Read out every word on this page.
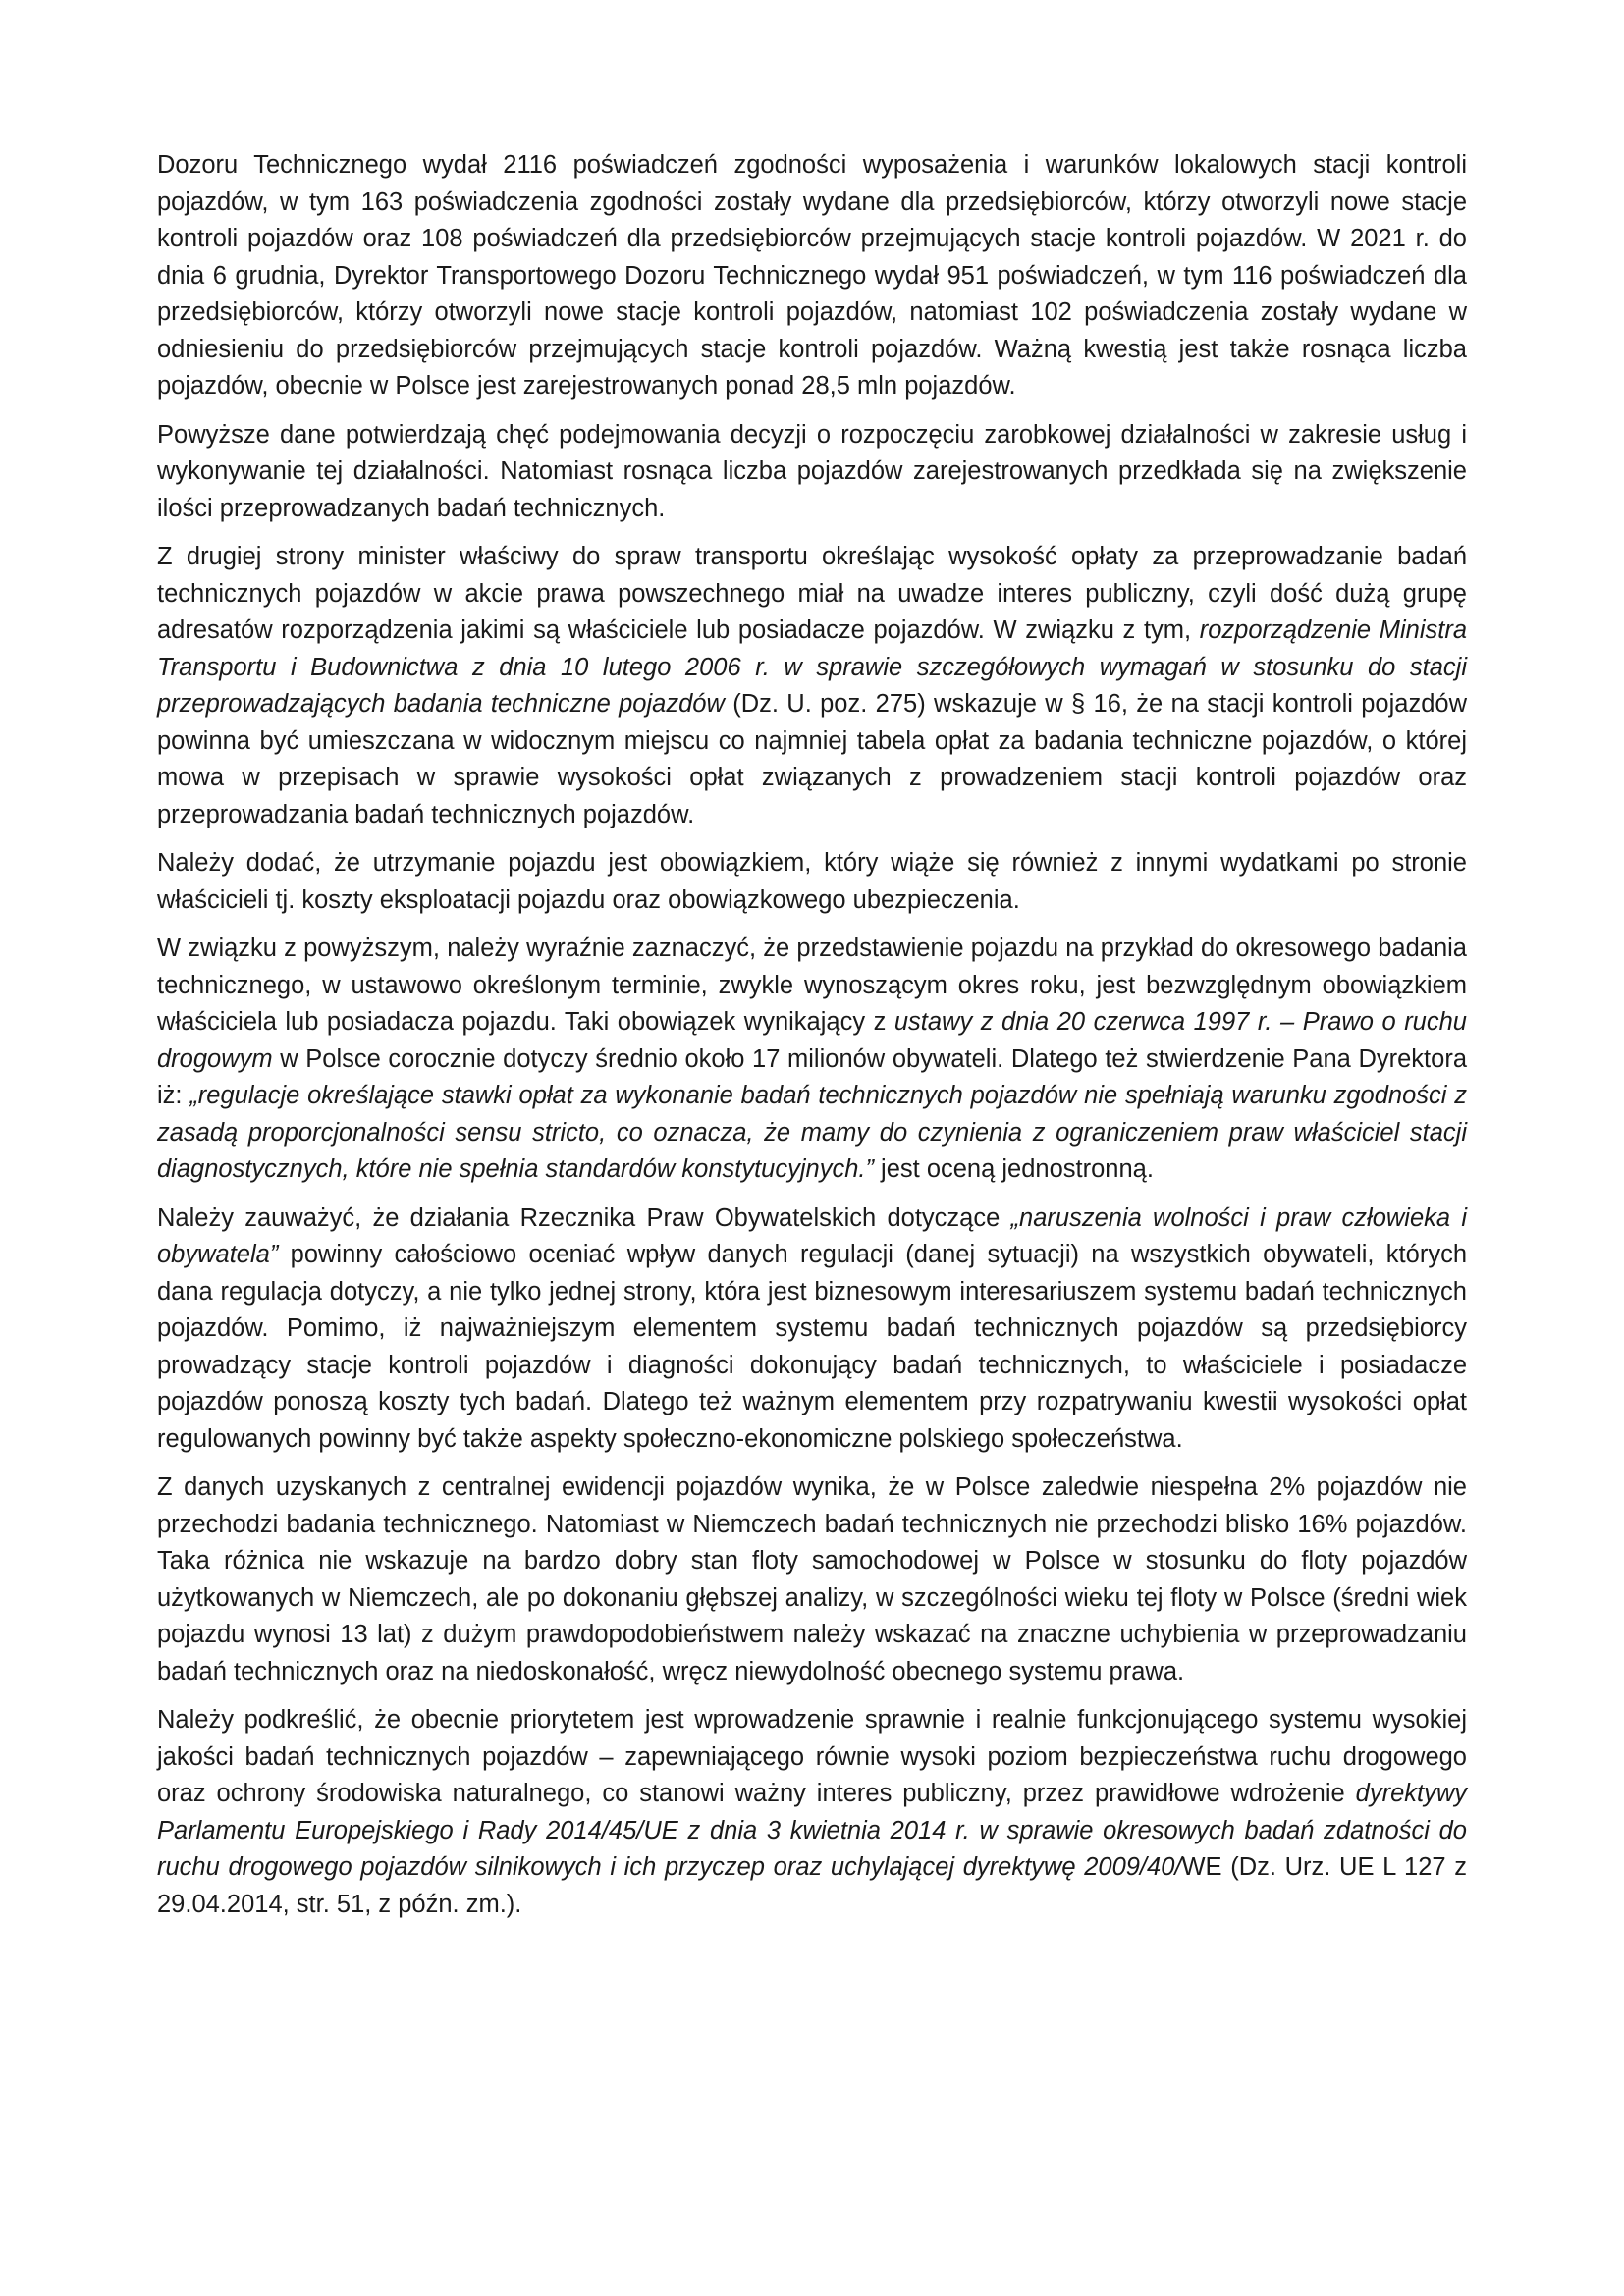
Dozoru Technicznego wydał 2116 poświadczeń zgodności wyposażenia i warunków lokalowych stacji kontroli pojazdów, w tym 163 poświadczenia zgodności zostały wydane dla przedsiębiorców, którzy otworzyli nowe stacje kontroli pojazdów oraz 108 poświadczeń dla przedsiębiorców przejmujących stacje kontroli pojazdów. W 2021 r. do dnia 6 grudnia, Dyrektor Transportowego Dozoru Technicznego wydał 951 poświadczeń, w tym 116 poświadczeń dla przedsiębiorców, którzy otworzyli nowe stacje kontroli pojazdów, natomiast 102 poświadczenia zostały wydane w odniesieniu do przedsiębiorców przejmujących stacje kontroli pojazdów. Ważną kwestią jest także rosnąca liczba pojazdów, obecnie w Polsce jest zarejestrowanych ponad 28,5 mln pojazdów.

Powyższe dane potwierdzają chęć podejmowania decyzji o rozpoczęciu zarobkowej działalności w zakresie usług i wykonywanie tej działalności. Natomiast rosnąca liczba pojazdów zarejestrowanych przedkłada się na zwiększenie ilości przeprowadzanych badań technicznych.

Z drugiej strony minister właściwy do spraw transportu określając wysokość opłaty za przeprowadzanie badań technicznych pojazdów w akcie prawa powszechnego miał na uwadze interes publiczny, czyli dość dużą grupę adresatów rozporządzenia jakimi są właściciele lub posiadacze pojazdów. W związku z tym, rozporządzenie Ministra Transportu i Budownictwa z dnia 10 lutego 2006 r. w sprawie szczegółowych wymagań w stosunku do stacji przeprowadzających badania techniczne pojazdów (Dz. U. poz. 275) wskazuje w § 16, że na stacji kontroli pojazdów powinna być umieszczana w widocznym miejscu co najmniej tabela opłat za badania techniczne pojazdów, o której mowa w przepisach w sprawie wysokości opłat związanych z prowadzeniem stacji kontroli pojazdów oraz przeprowadzania badań technicznych pojazdów.

Należy dodać, że utrzymanie pojazdu jest obowiązkiem, który wiąże się również z innymi wydatkami po stronie właścicieli tj. koszty eksploatacji pojazdu oraz obowiązkowego ubezpieczenia.

W związku z powyższym, należy wyraźnie zaznaczyć, że przedstawienie pojazdu na przykład do okresowego badania technicznego, w ustawowo określonym terminie, zwykle wynoszącym okres roku, jest bezwzględnym obowiązkiem właściciela lub posiadacza pojazdu. Taki obowiązek wynikający z ustawy z dnia 20 czerwca 1997 r. – Prawo o ruchu drogowym w Polsce corocznie dotyczy średnio około 17 milionów obywateli. Dlatego też stwierdzenie Pana Dyrektora iż: „regulacje określające stawki opłat za wykonanie badań technicznych pojazdów nie spełniają warunku zgodności z zasadą proporcjonalności sensu stricto, co oznacza, że mamy do czynienia z ograniczeniem praw właściciel stacji diagnostycznych, które nie spełnia standardów konstytucyjnych.” jest oceną jednostronną.

Należy zauważyć, że działania Rzecznika Praw Obywatelskich dotyczące „naruszenia wolności i praw człowieka i obywatela” powinny całościowo oceniać wpływ danych regulacji (danej sytuacji) na wszystkich obywateli, których dana regulacja dotyczy, a nie tylko jednej strony, która jest biznesowym interesariuszem systemu badań technicznych pojazdów. Pomimo, iż najważniejszym elementem systemu badań technicznych pojazdów są przedsiębiorcy prowadzący stacje kontroli pojazdów i diagności dokonujący badań technicznych, to właściciele i posiadacze pojazdów ponoszą koszty tych badań. Dlatego też ważnym elementem przy rozpatrywaniu kwestii wysokości opłat regulowanych powinny być także aspekty społeczno-ekonomiczne polskiego społeczeństwa.

Z danych uzyskanych z centralnej ewidencji pojazdów wynika, że w Polsce zaledwie niespełna 2% pojazdów nie przechodzi badania technicznego. Natomiast w Niemczech badań technicznych nie przechodzi blisko 16% pojazdów. Taka różnica nie wskazuje na bardzo dobry stan floty samochodowej w Polsce w stosunku do floty pojazdów użytkowanych w Niemczech, ale po dokonaniu głębszej analizy, w szczególności wieku tej floty w Polsce (średni wiek pojazdu wynosi 13 lat) z dużym prawdopodobieństwem należy wskazać na znaczne uchybienia w przeprowadzaniu badań technicznych oraz na niedoskonałość, wręcz niewydolność obecnego systemu prawa.

Należy podkreślić, że obecnie priorytetem jest wprowadzenie sprawnie i realnie funkcjonującego systemu wysokiej jakości badań technicznych pojazdów – zapewniającego równie wysoki poziom bezpieczeństwa ruchu drogowego oraz ochrony środowiska naturalnego, co stanowi ważny interes publiczny, przez prawidłowe wdrożenie dyrektywy Parlamentu Europejskiego i Rady 2014/45/UE z dnia 3 kwietnia 2014 r. w sprawie okresowych badań zdatności do ruchu drogowego pojazdów silnikowych i ich przyczep oraz uchylającej dyrektywę 2009/40/WE (Dz. Urz. UE L 127 z 29.04.2014, str. 51, z późn. zm.).
